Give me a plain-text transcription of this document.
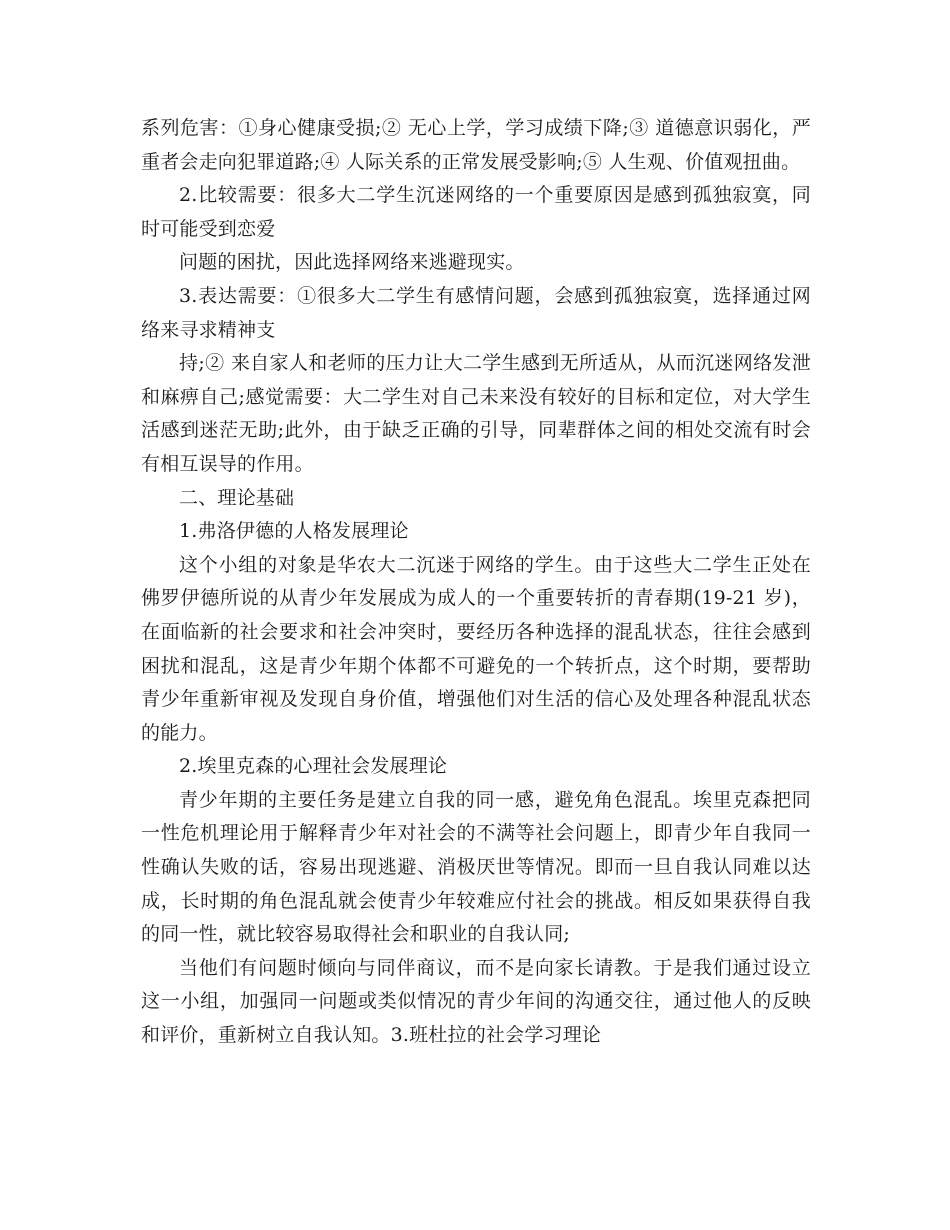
系列危害：①身心健康受损;② 无心上学，学习成绩下降;③ 道德意识弱化，严重者会走向犯罪道路;④ 人际关系的正常发展受影响;⑤ 人生观、价值观扭曲。

2.比较需要：很多大二学生沉迷网络的一个重要原因是感到孤独寂寞，同时可能受到恋爱

问题的困扰，因此选择网络来逃避现实。

3.表达需要：①很多大二学生有感情问题，会感到孤独寂寞，选择通过网络来寻求精神支

持;② 来自家人和老师的压力让大二学生感到无所适从，从而沉迷网络发泄和麻痹自己;感觉需要：大二学生对自己未来没有较好的目标和定位，对大学生活感到迷茫无助;此外，由于缺乏正确的引导，同辈群体之间的相处交流有时会有相互误导的作用。

二、理论基础

1.弗洛伊德的人格发展理论

这个小组的对象是华农大二沉迷于网络的学生。由于这些大二学生正处在佛罗伊德所说的从青少年发展成为成人的一个重要转折的青春期(19-21 岁)，在面临新的社会要求和社会冲突时，要经历各种选择的混乱状态，往往会感到困扰和混乱，这是青少年期个体都不可避免的一个转折点，这个时期，要帮助青少年重新审视及发现自身价值，增强他们对生活的信心及处理各种混乱状态的能力。

2.埃里克森的心理社会发展理论

青少年期的主要任务是建立自我的同一感，避免角色混乱。埃里克森把同一性危机理论用于解释青少年对社会的不满等社会问题上，即青少年自我同一性确认失败的话，容易出现逃避、消极厌世等情况。即而一旦自我认同难以达成，长时期的角色混乱就会使青少年较难应付社会的挑战。相反如果获得自我的同一性，就比较容易取得社会和职业的自我认同;

当他们有问题时倾向与同伴商议，而不是向家长请教。于是我们通过设立这一小组，加强同一问题或类似情况的青少年间的沟通交往，通过他人的反映和评价，重新树立自我认知。3.班杜拉的社会学习理论
